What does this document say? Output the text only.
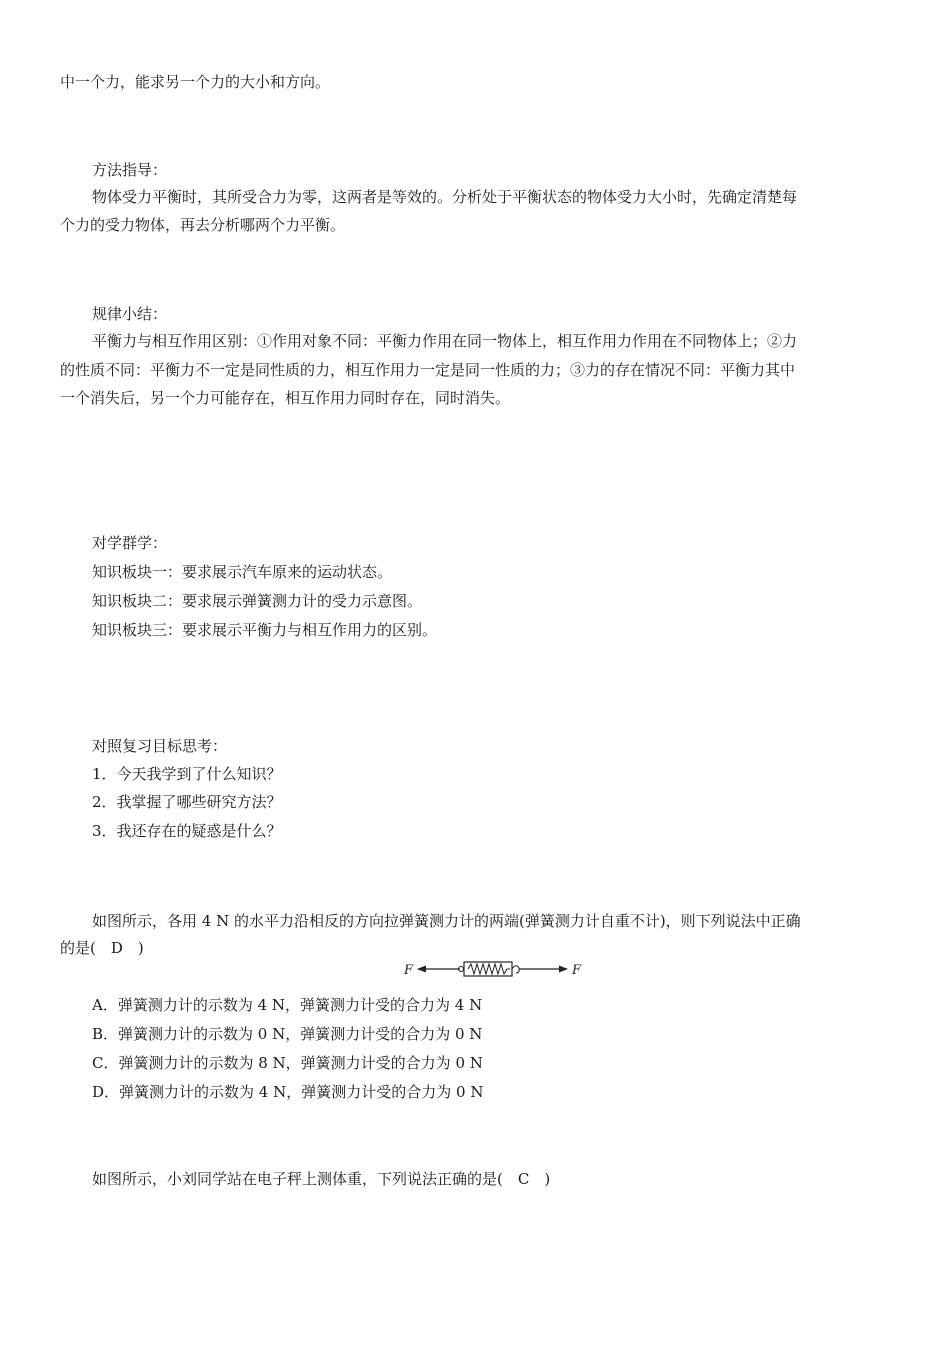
中一个力，能求另一个力的大小和方向。
方法指导：
物体受力平衡时，其所受合力为零，这两者是等效的。分析处于平衡状态的物体受力大小时，先确定清楚每
个力的受力物体，再去分析哪两个力平衡。
规律小结：
平衡力与相互作用区别：①作用对象不同：平衡力作用在同一物体上，相互作用力作用在不同物体上；②力
的性质不同：平衡力不一定是同性质的力，相互作用力一定是同一性质的力；③力的存在情况不同：平衡力其中
一个消失后，另一个力可能存在，相互作用力同时存在，同时消失。
对学群学：
知识板块一：要求展示汽车原来的运动状态。
知识板块二：要求展示弹簧测力计的受力示意图。
知识板块三：要求展示平衡力与相互作用力的区别。
对照复习目标思考：
1．今天我学到了什么知识？
2．我掌握了哪些研究方法？
3．我还存在的疑惑是什么？
如图所示，各用 4 N 的水平力沿相反的方向拉弹簧测力计的两端(弹簧测力计自重不计)，则下列说法中正确
的是(　D　)
F	F
A．弹簧测力计的示数为 4 N，弹簧测力计受的合力为 4 N
B．弹簧测力计的示数为 0 N，弹簧测力计受的合力为 0 N
C．弹簧测力计的示数为 8 N，弹簧测力计受的合力为 0 N
D．弹簧测力计的示数为 4 N，弹簧测力计受的合力为 0 N
如图所示，小刘同学站在电子秤上测体重，下列说法正确的是(　C　)
